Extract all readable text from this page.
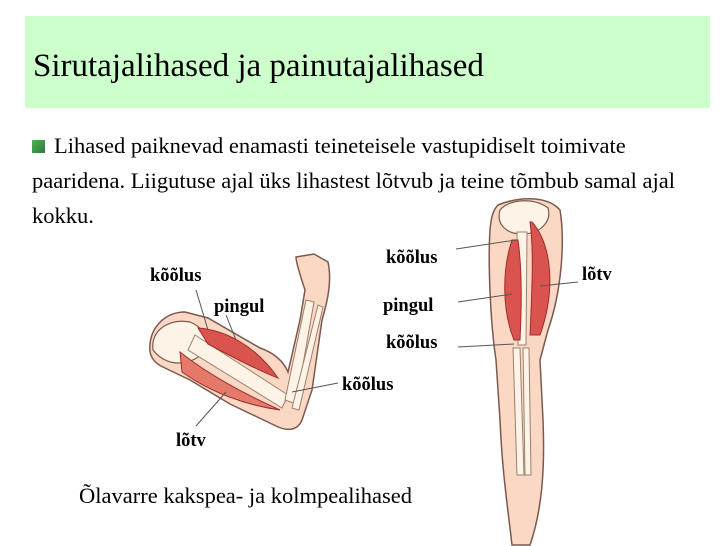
Sirutajalihased ja painutajalihased
Lihased paiknevad enamasti teineteisele vastupidiselt toimivate paaridena. Liigutuse ajal üks lihastest lõtvub ja teine tõmbub samal ajal kokku.
kõõlus
pingul
kõõlus
lõtv
kõõlus
lõtv
pingul
kõõlus
Õlavarre kakspea- ja kolmpealihased
